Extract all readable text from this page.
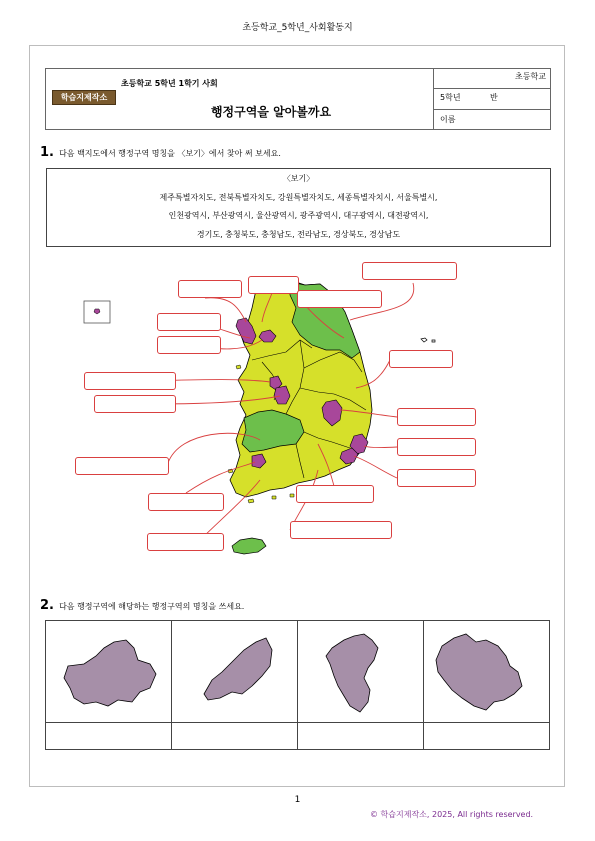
초등학교_5학년_사회활동지
학습지제작소
초등학교 5학년 1학기 사회
행정구역을 알아볼까요
초등학교
5학년	반
이름
1. 다음 백지도에서 행정구역 명칭을 〈보기〉에서 찾아 써 보세요.
〈보기〉
제주특별자치도, 전북특별자치도, 강원특별자치도, 세종특별자치시, 서울특별시,
인천광역시, 부산광역시, 울산광역시, 광주광역시, 대구광역시, 대전광역시,
경기도, 충청북도, 충청남도, 전라남도, 경상북도, 경상남도
2. 다음 행정구역에 해당하는 행정구역의 명칭을 쓰세요.
1
© 학습지제작소, 2025, All rights reserved.
